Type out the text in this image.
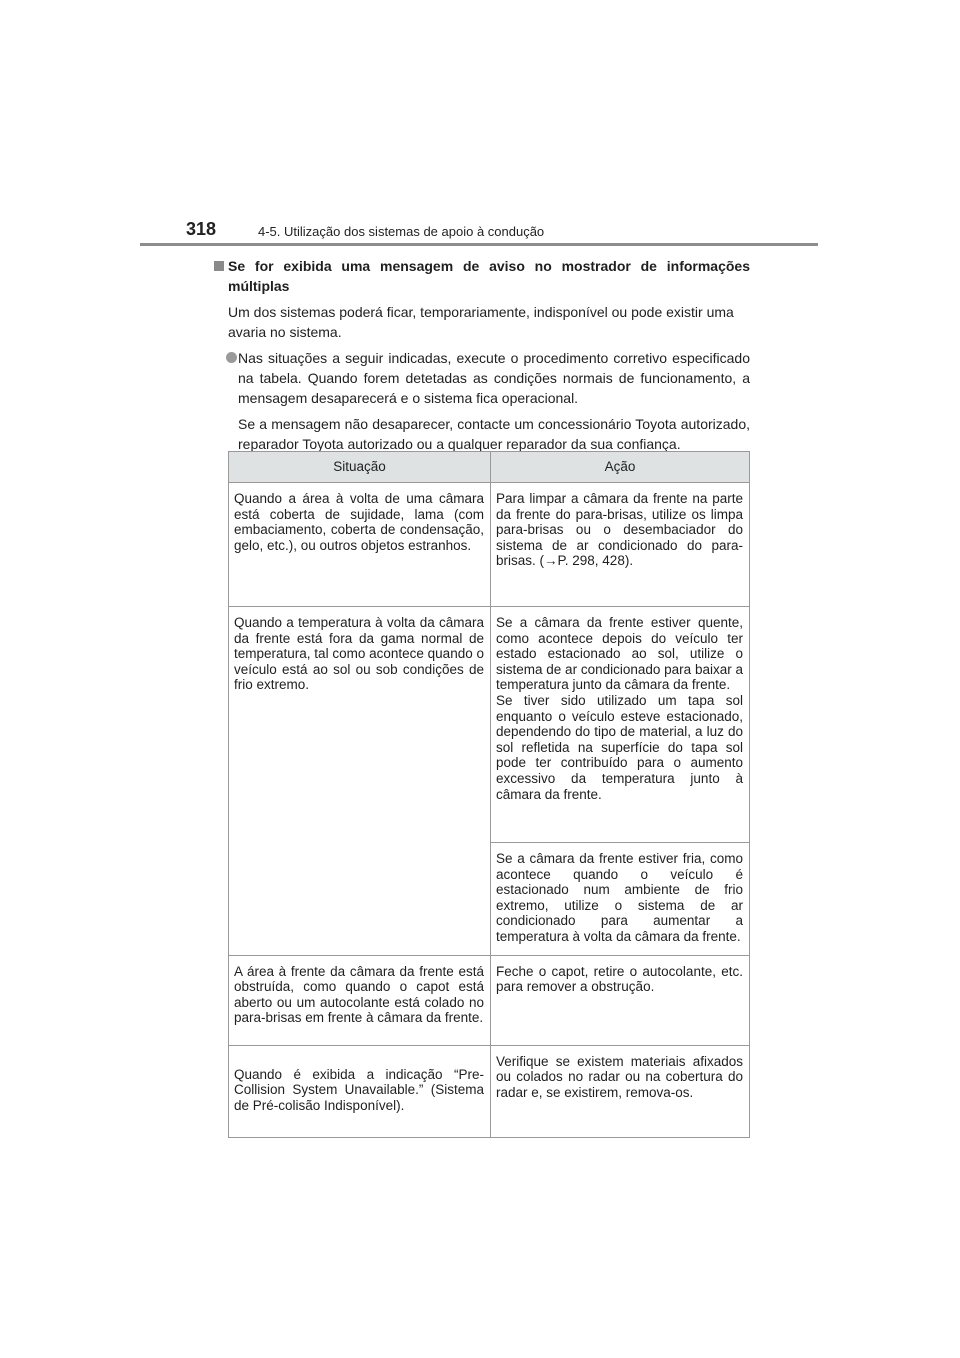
318	4-5. Utilização dos sistemas de apoio à condução

Se for exibida uma mensagem de aviso no mostrador de informações múltiplas

Um dos sistemas poderá ficar, temporariamente, indisponível ou pode existir uma avaria no sistema.

Nas situações a seguir indicadas, execute o procedimento corretivo especificado na tabela. Quando forem detetadas as condições normais de funcionamento, a mensagem desaparecerá e o sistema fica operacional.

Se a mensagem não desaparecer, contacte um concessionário Toyota autorizado, reparador Toyota autorizado ou a qualquer reparador da sua confiança.

Situação	Ação
Quando a área à volta de uma câmara está coberta de sujidade, lama (com embaciamento, coberta de condensação, gelo, etc.), ou outros objetos estranhos.	Para limpar a câmara da frente na parte da frente do para-brisas, utilize os limpa para-brisas ou o desembaciador do sistema de ar condicionado do para-brisas. (→P. 298, 428).
Quando a temperatura à volta da câmara da frente está fora da gama normal de temperatura, tal como acontece quando o veículo está ao sol ou sob condições de frio extremo.	Se a câmara da frente estiver quente, como acontece depois do veículo ter estado estacionado ao sol, utilize o sistema de ar condicionado para baixar a temperatura junto da câmara da frente.
Se tiver sido utilizado um tapa sol enquanto o veículo esteve estacionado, dependendo do tipo de material, a luz do sol refletida na superfície do tapa sol pode ter contribuído para o aumento excessivo da temperatura junto à câmara da frente.
	Se a câmara da frente estiver fria, como acontece quando o veículo é estacionado num ambiente de frio extremo, utilize o sistema de ar condicionado para aumentar a temperatura à volta da câmara da frente.
A área à frente da câmara da frente está obstruída, como quando o capot está aberto ou um autocolante está colado no para-brisas em frente à câmara da frente.	Feche o capot, retire o autocolante, etc. para remover a obstrução.
Quando é exibida a indicação “Pre-Collision System Unavailable.” (Sistema de Pré-colisão Indisponível).	Verifique se existem materiais afixados ou colados no radar ou na cobertura do radar e, se existirem, remova-os.
